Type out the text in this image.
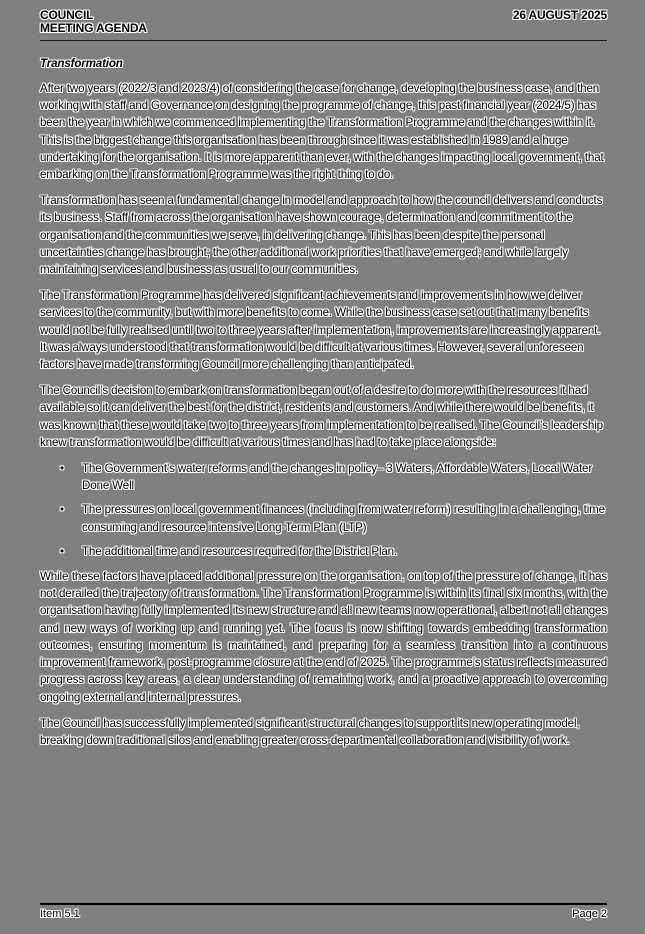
COUNCIL
MEETING AGENDA
26 AUGUST 2025
Transformation

After two years (2022/3 and 2023/4) of considering the case for change, developing the business case, and then working with staff and Governance on designing the programme of change, this past financial year (2024/5) has been the year in which we commenced implementing the Transformation Programme and the changes within it. This is the biggest change this organisation has been through since it was established in 1989 and a huge undertaking for the organisation. It is more apparent than ever, with the changes impacting local government, that embarking on the Transformation Programme was the right thing to do.

Transformation has seen a fundamental change in model and approach to how the council delivers and conducts its business. Staff from across the organisation have shown courage, determination and commitment to the organisation and the communities we serve, in delivering change. This has been despite the personal uncertainties change has brought; the other additional work priorities that have emerged; and while largely maintaining services and business as usual to our communities.

The Transformation Programme has delivered significant achievements and improvements in how we deliver services to the community, but with more benefits to come. While the business case set out that many benefits would not be fully realised until two to three years after implementation, improvements are increasingly apparent. It was always understood that transformation would be difficult at various times. However, several unforeseen factors have made transforming Council more challenging than anticipated.

The Council’s decision to embark on transformation began out of a desire to do more with the resources it had available so it can deliver the best for the district, residents and customers. And while there would be benefits, it was known that these would take two to three years from implementation to be realised. The Council’s leadership knew transformation would be difficult at various times and has had to take place alongside:

• The Government’s water reforms and the changes in policy– 3 Waters, Affordable Waters, Local Water Done Well
• The pressures on local government finances (including from water reform) resulting in a challenging, time consuming and resource intensive Long-Term Plan (LTP)
• The additional time and resources required for the District Plan.

While these factors have placed additional pressure on the organisation, on top of the pressure of change, it has not derailed the trajectory of transformation. The Transformation Programme is within its final six months, with the organisation having fully implemented its new structure and all new teams now operational, albeit not all changes and new ways of working up and running yet. The focus is now shifting towards embedding transformation outcomes, ensuring momentum is maintained, and preparing for a seamless transition into a continuous improvement framework, post-programme closure at the end of 2025. The programme’s status reflects measured progress across key areas, a clear understanding of remaining work, and a proactive approach to overcoming ongoing external and internal pressures.

The Council has successfully implemented significant structural changes to support its new operating model, breaking down traditional silos and enabling greater cross-departmental collaboration and visibility of work.

Item 5.1	Page 2
